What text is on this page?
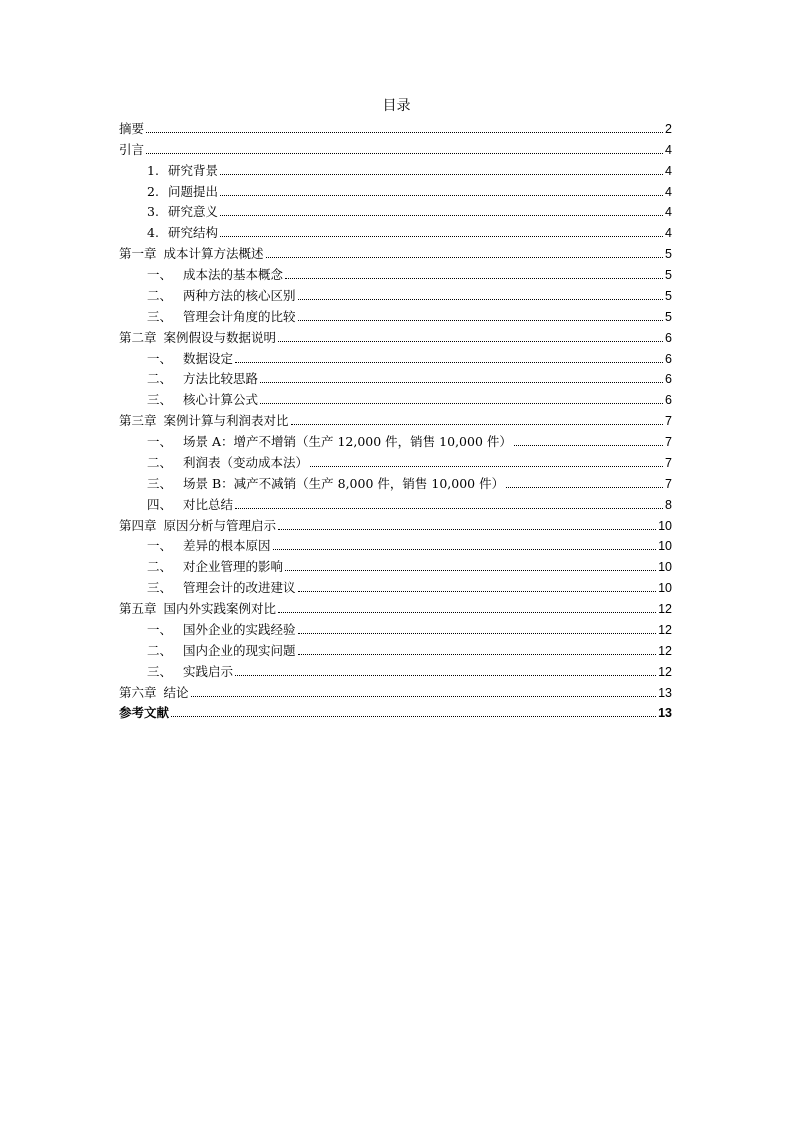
目录
摘要	2
引言	4
1. 研究背景	4
2. 问题提出	4
3. 研究意义	4
4. 研究结构	4
第一章 成本计算方法概述	5
一、 成本法的基本概念	5
二、 两种方法的核心区别	5
三、 管理会计角度的比较	5
第二章 案例假设与数据说明	6
一、 数据设定	6
二、 方法比较思路	6
三、 核心计算公式	6
第三章 案例计算与利润表对比	7
一、 场景 A：增产不增销（生产 12,000 件，销售 10,000 件）	7
二、 利润表（变动成本法）	7
三、 场景 B：减产不减销（生产 8,000 件，销售 10,000 件）	7
四、 对比总结	8
第四章 原因分析与管理启示	10
一、 差异的根本原因	10
二、 对企业管理的影响	10
三、 管理会计的改进建议	10
第五章 国内外实践案例对比	12
一、 国外企业的实践经验	12
二、 国内企业的现实问题	12
三、 实践启示	12
第六章 结论	13
参考文献	13
